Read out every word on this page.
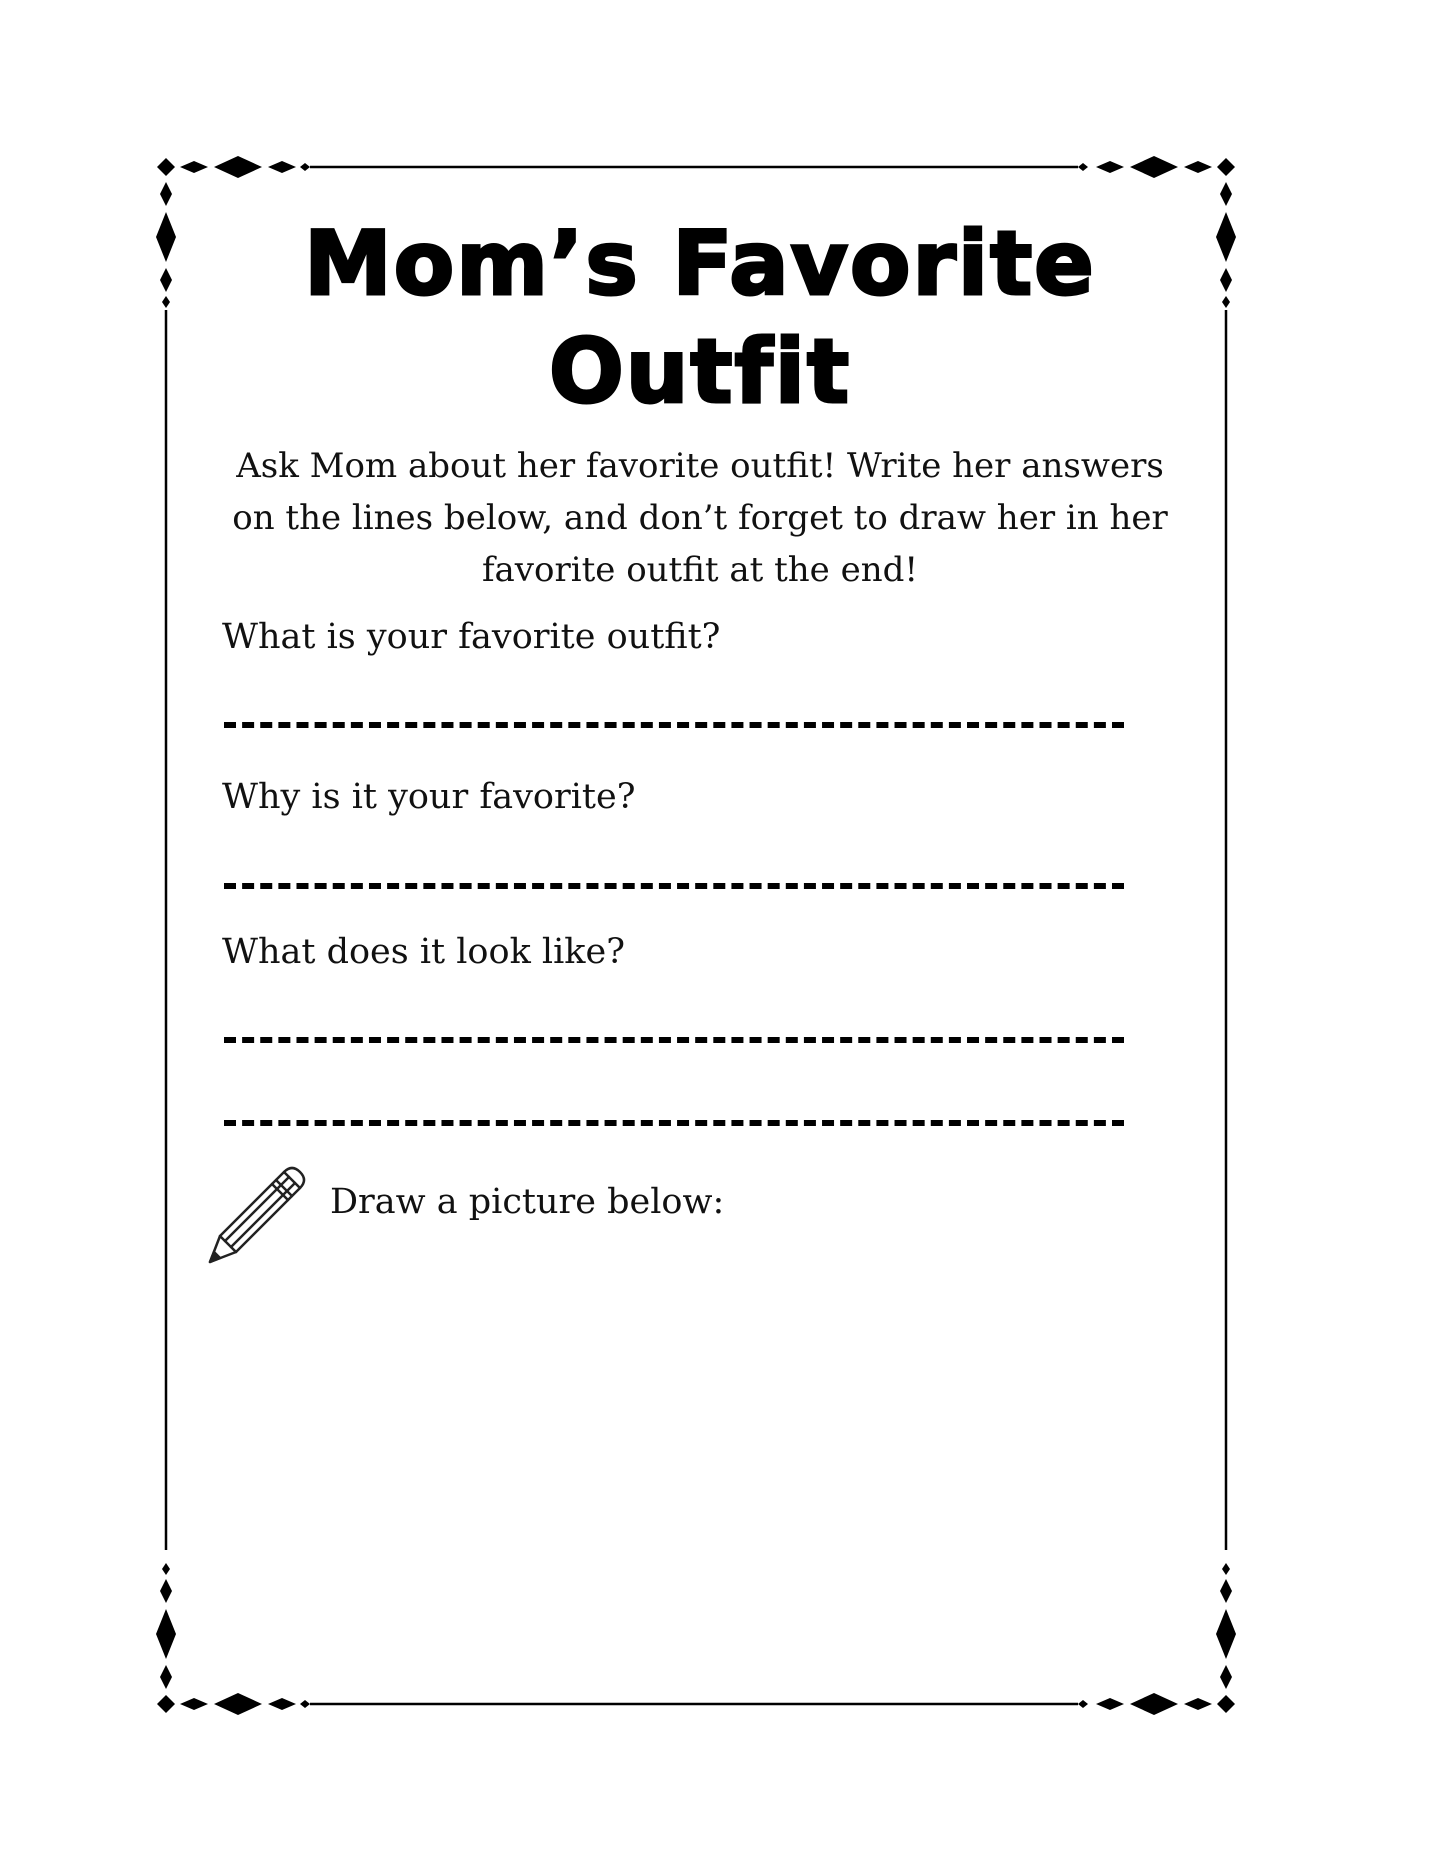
Mom’s Favorite
Outfit
Ask Mom about her favorite outfit! Write her answers on the lines below, and don’t forget to draw her in her favorite outfit at the end!
What is your favorite outfit?
Why is it your favorite?
What does it look like?
Draw a picture below:
